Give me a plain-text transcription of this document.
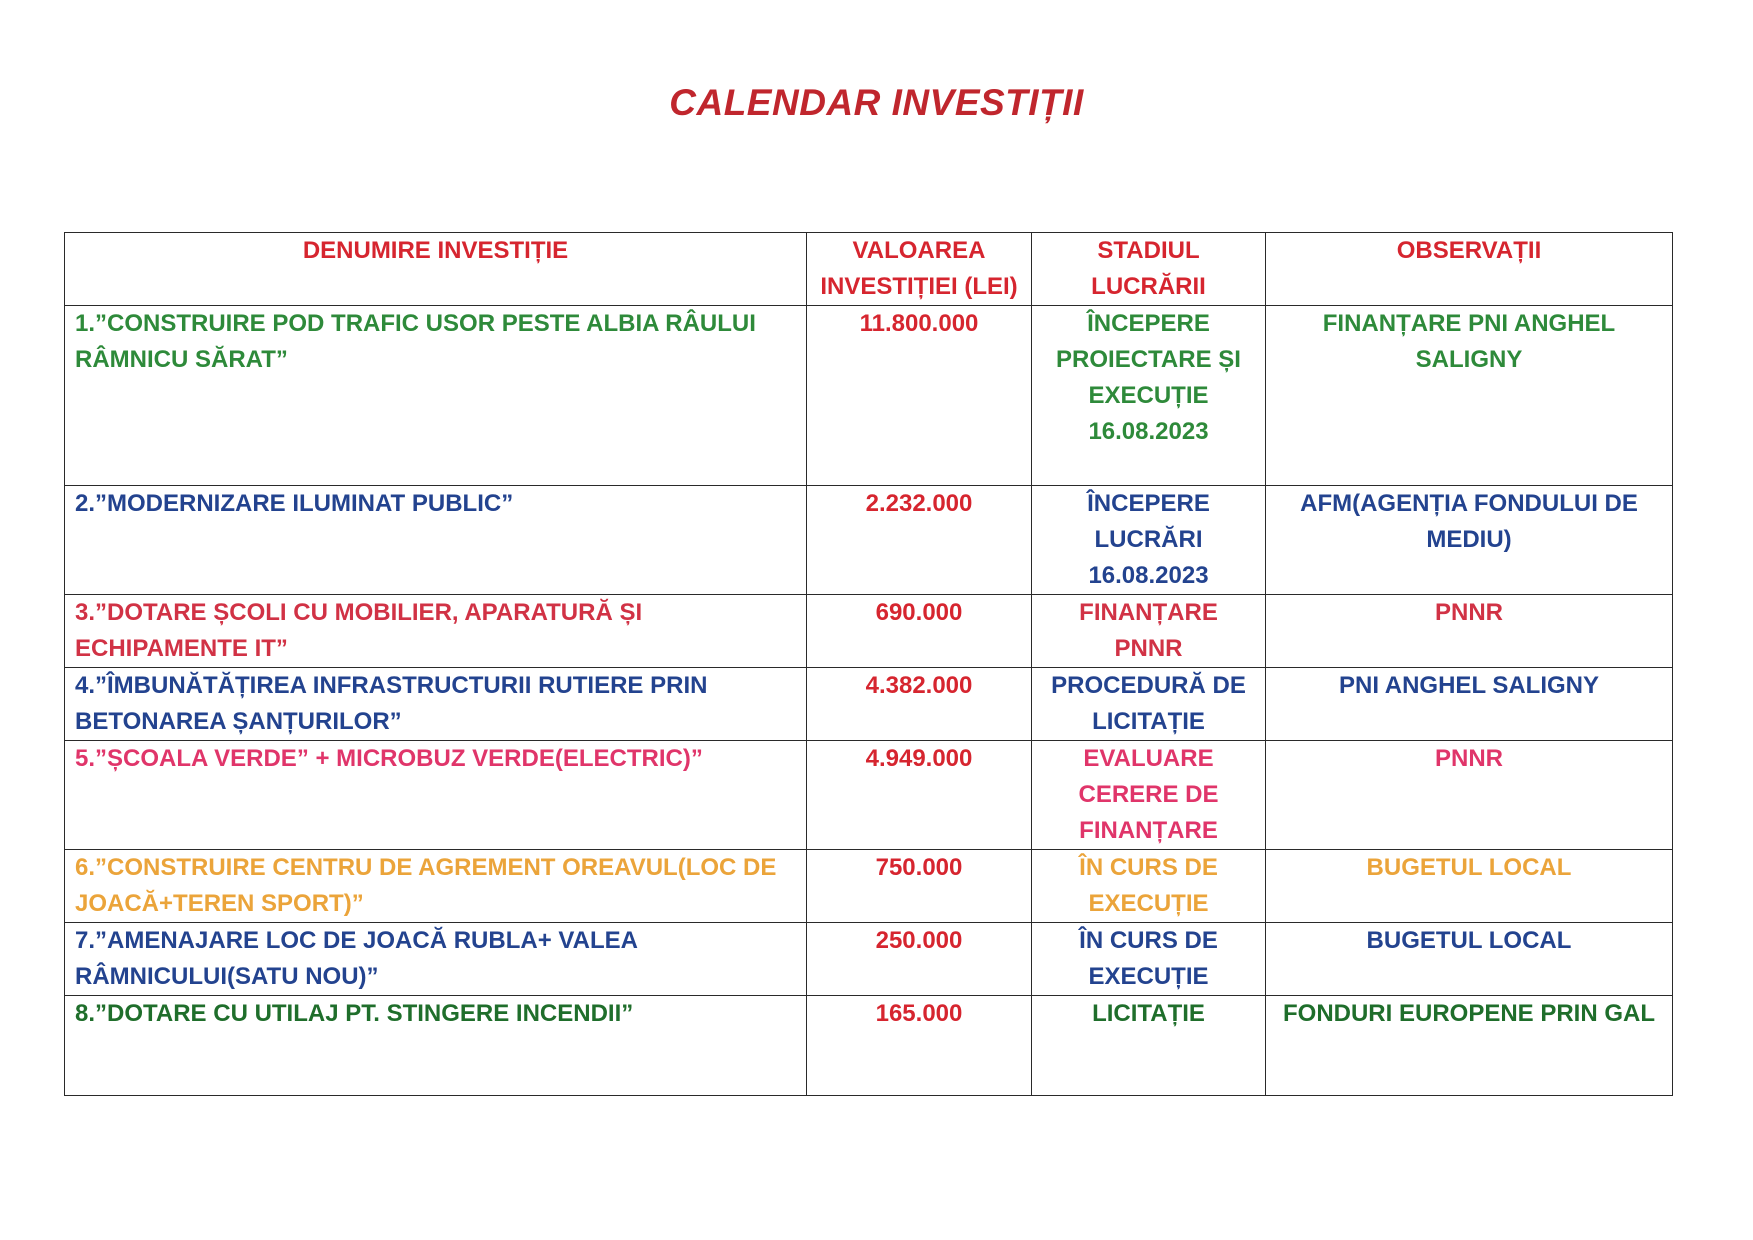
CALENDAR INVESTIȚII
DENUMIRE INVESTIȚIE	VALOAREA INVESTIȚIEI (LEI)	STADIUL LUCRĂRII	OBSERVAȚII
1.”CONSTRUIRE POD TRAFIC USOR PESTE ALBIA RÂULUI RÂMNICU SĂRAT”	11.800.000	ÎNCEPERE PROIECTARE ȘI EXECUȚIE 16.08.2023	FINANȚARE PNI ANGHEL SALIGNY
2.”MODERNIZARE ILUMINAT PUBLIC”	2.232.000	ÎNCEPERE LUCRĂRI 16.08.2023	AFM(AGENȚIA FONDULUI DE MEDIU)
3.”DOTARE ȘCOLI CU MOBILIER, APARATURĂ ȘI ECHIPAMENTE IT”	690.000	FINANȚARE PNNR	PNNR
4.”ÎMBUNĂTĂȚIREA INFRASTRUCTURII RUTIERE PRIN BETONAREA ȘANȚURILOR”	4.382.000	PROCEDURĂ DE LICITAȚIE	PNI ANGHEL SALIGNY
5.”ȘCOALA VERDE” + MICROBUZ VERDE(ELECTRIC)”	4.949.000	EVALUARE CERERE DE FINANȚARE	PNNR
6.”CONSTRUIRE CENTRU DE AGREMENT OREAVUL(LOC DE JOACĂ+TEREN SPORT)”	750.000	ÎN CURS DE EXECUȚIE	BUGETUL LOCAL
7.”AMENAJARE LOC DE JOACĂ RUBLA+ VALEA RÂMNICULUI(SATU NOU)”	250.000	ÎN CURS DE EXECUȚIE	BUGETUL LOCAL
8.”DOTARE CU UTILAJ PT. STINGERE INCENDII”	165.000	LICITAȚIE	FONDURI EUROPENE PRIN GAL
